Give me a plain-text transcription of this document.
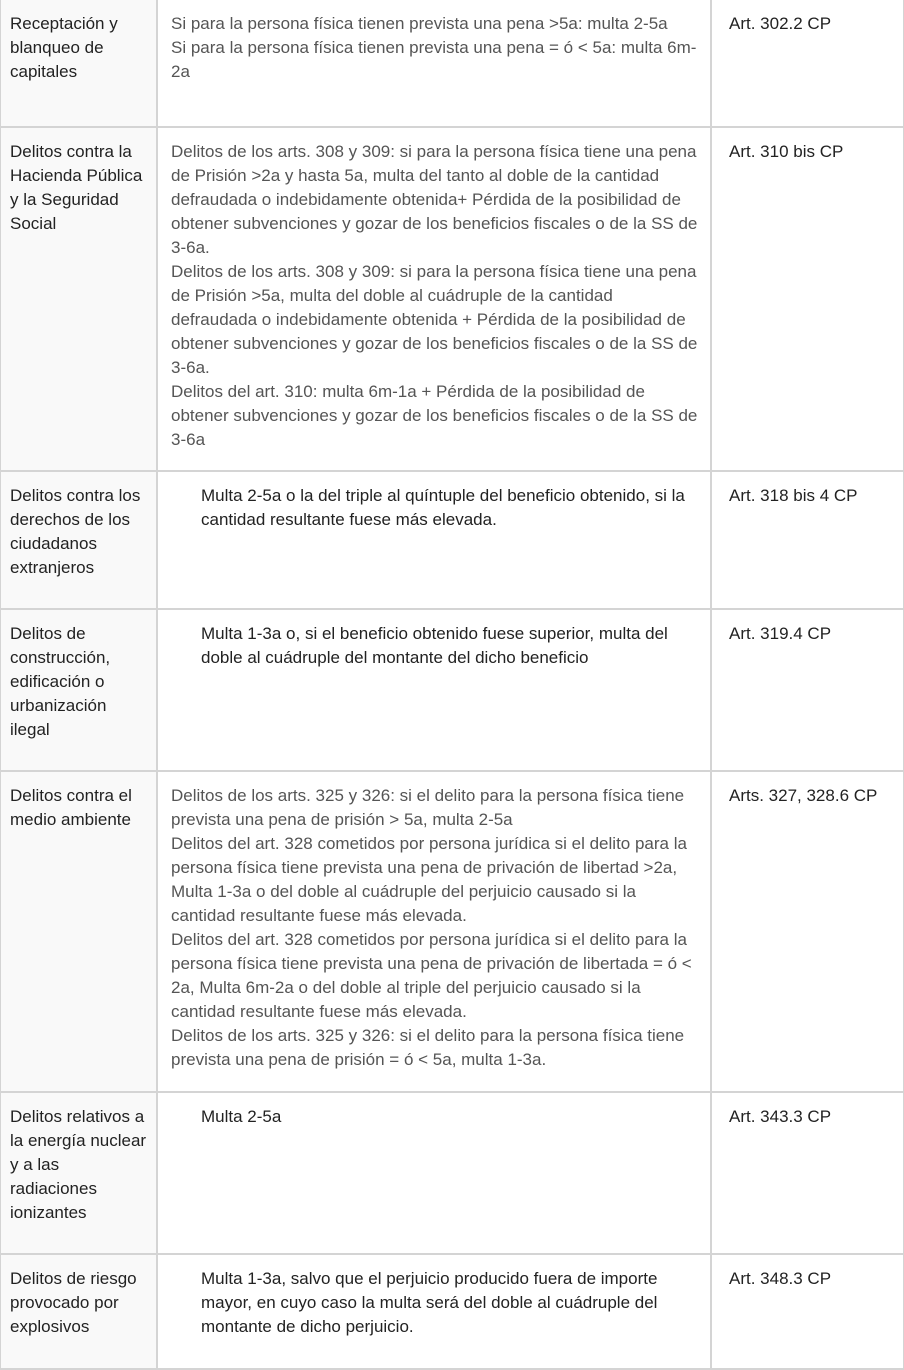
Receptación y blanqueo de capitales	Si para la persona física tienen prevista una pena >5a: multa 2-5a

Si para la persona física tienen prevista una pena = ó < 5a: multa 6m-2a	Art. 302.2 CP
Delitos contra la Hacienda Pública y la Seguridad Social	Delitos de los arts. 308 y 309: si para la persona física tiene una pena de Prisión >2a y hasta 5a, multa del tanto al doble de la cantidad defraudada o indebidamente obtenida+ Pérdida de la posibilidad de obtener subvenciones y gozar de los beneficios fiscales o de la SS de 3-6a.

Delitos de los arts. 308 y 309: si para la persona física tiene una pena de Prisión >5a, multa del doble al cuádruple de la cantidad defraudada o indebidamente obtenida + Pérdida de la posibilidad de obtener subvenciones y gozar de los beneficios fiscales o de la SS de 3-6a.

Delitos del art. 310: multa 6m-1a + Pérdida de la posibilidad de obtener subvenciones y gozar de los beneficios fiscales o de la SS de 3-6a	Art. 310 bis CP
Delitos contra los derechos de los ciudadanos extranjeros	Multa 2-5a o la del triple al quíntuple del beneficio obtenido, si la cantidad resultante fuese más elevada.	Art. 318 bis 4 CP
Delitos de construcción, edificación o urbanización ilegal	Multa 1-3a o, si el beneficio obtenido fuese superior, multa del doble al cuádruple del montante del dicho beneficio	Art. 319.4 CP
Delitos contra el medio ambiente	Delitos de los arts. 325 y 326: si el delito para la persona física tiene prevista una pena de prisión > 5a, multa 2-5a

Delitos del art. 328 cometidos por persona jurídica si el delito para la persona física tiene prevista una pena de privación de libertad >2a, Multa 1-3a o del doble al cuádruple del perjuicio causado si la cantidad resultante fuese más elevada.

Delitos del art. 328 cometidos por persona jurídica si el delito para la persona física tiene prevista una pena de privación de libertada = ó < 2a, Multa 6m-2a o del doble al triple del perjuicio causado si la cantidad resultante fuese más elevada.

Delitos de los arts. 325 y 326: si el delito para la persona física tiene prevista una pena de prisión = ó < 5a, multa 1-3a.	Arts. 327, 328.6 CP
Delitos relativos a la energía nuclear y a las radiaciones ionizantes	Multa 2-5a	Art. 343.3 CP
Delitos de riesgo provocado por explosivos	Multa 1-3a, salvo que el perjuicio producido fuera de importe mayor, en cuyo caso la multa será del doble al cuádruple del montante de dicho perjuicio.	Art. 348.3 CP
